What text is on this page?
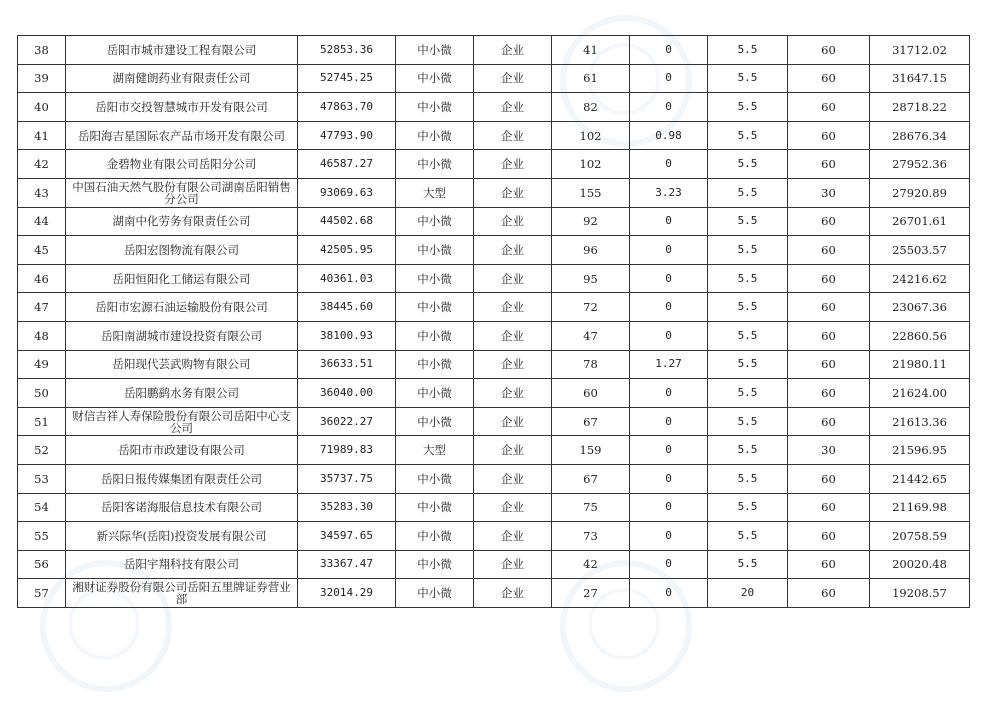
38	岳阳市城市建设工程有限公司	52853.36	中小微	企业	41	0	5.5	60	31712.02
39	湖南健朗药业有限责任公司	52745.25	中小微	企业	61	0	5.5	60	31647.15
40	岳阳市交投智慧城市开发有限公司	47863.70	中小微	企业	82	0	5.5	60	28718.22
41	岳阳海吉星国际农产品市场开发有限公司	47793.90	中小微	企业	102	0.98	5.5	60	28676.34
42	金碧物业有限公司岳阳分公司	46587.27	中小微	企业	102	0	5.5	60	27952.36
43	中国石油天然气股份有限公司湖南岳阳销售分公司	93069.63	大型	企业	155	3.23	5.5	30	27920.89
44	湖南中化劳务有限责任公司	44502.68	中小微	企业	92	0	5.5	60	26701.61
45	岳阳宏图物流有限公司	42505.95	中小微	企业	96	0	5.5	60	25503.57
46	岳阳恒阳化工储运有限公司	40361.03	中小微	企业	95	0	5.5	60	24216.62
47	岳阳市宏源石油运输股份有限公司	38445.60	中小微	企业	72	0	5.5	60	23067.36
48	岳阳南湖城市建设投资有限公司	38100.93	中小微	企业	47	0	5.5	60	22860.56
49	岳阳现代芸武购物有限公司	36633.51	中小微	企业	78	1.27	5.5	60	21980.11
50	岳阳鹏鹞水务有限公司	36040.00	中小微	企业	60	0	5.5	60	21624.00
51	财信吉祥人寿保险股份有限公司岳阳中心支公司	36022.27	中小微	企业	67	0	5.5	60	21613.36
52	岳阳市市政建设有限公司	71989.83	大型	企业	159	0	5.5	30	21596.95
53	岳阳日报传媒集团有限责任公司	35737.75	中小微	企业	67	0	5.5	60	21442.65
54	岳阳客诺海服信息技术有限公司	35283.30	中小微	企业	75	0	5.5	60	21169.98
55	新兴际华(岳阳)投资发展有限公司	34597.65	中小微	企业	73	0	5.5	60	20758.59
56	岳阳宇翔科技有限公司	33367.47	中小微	企业	42	0	5.5	60	20020.48
57	湘财证券股份有限公司岳阳五里牌证券营业部	32014.29	中小微	企业	27	0	20	60	19208.57
